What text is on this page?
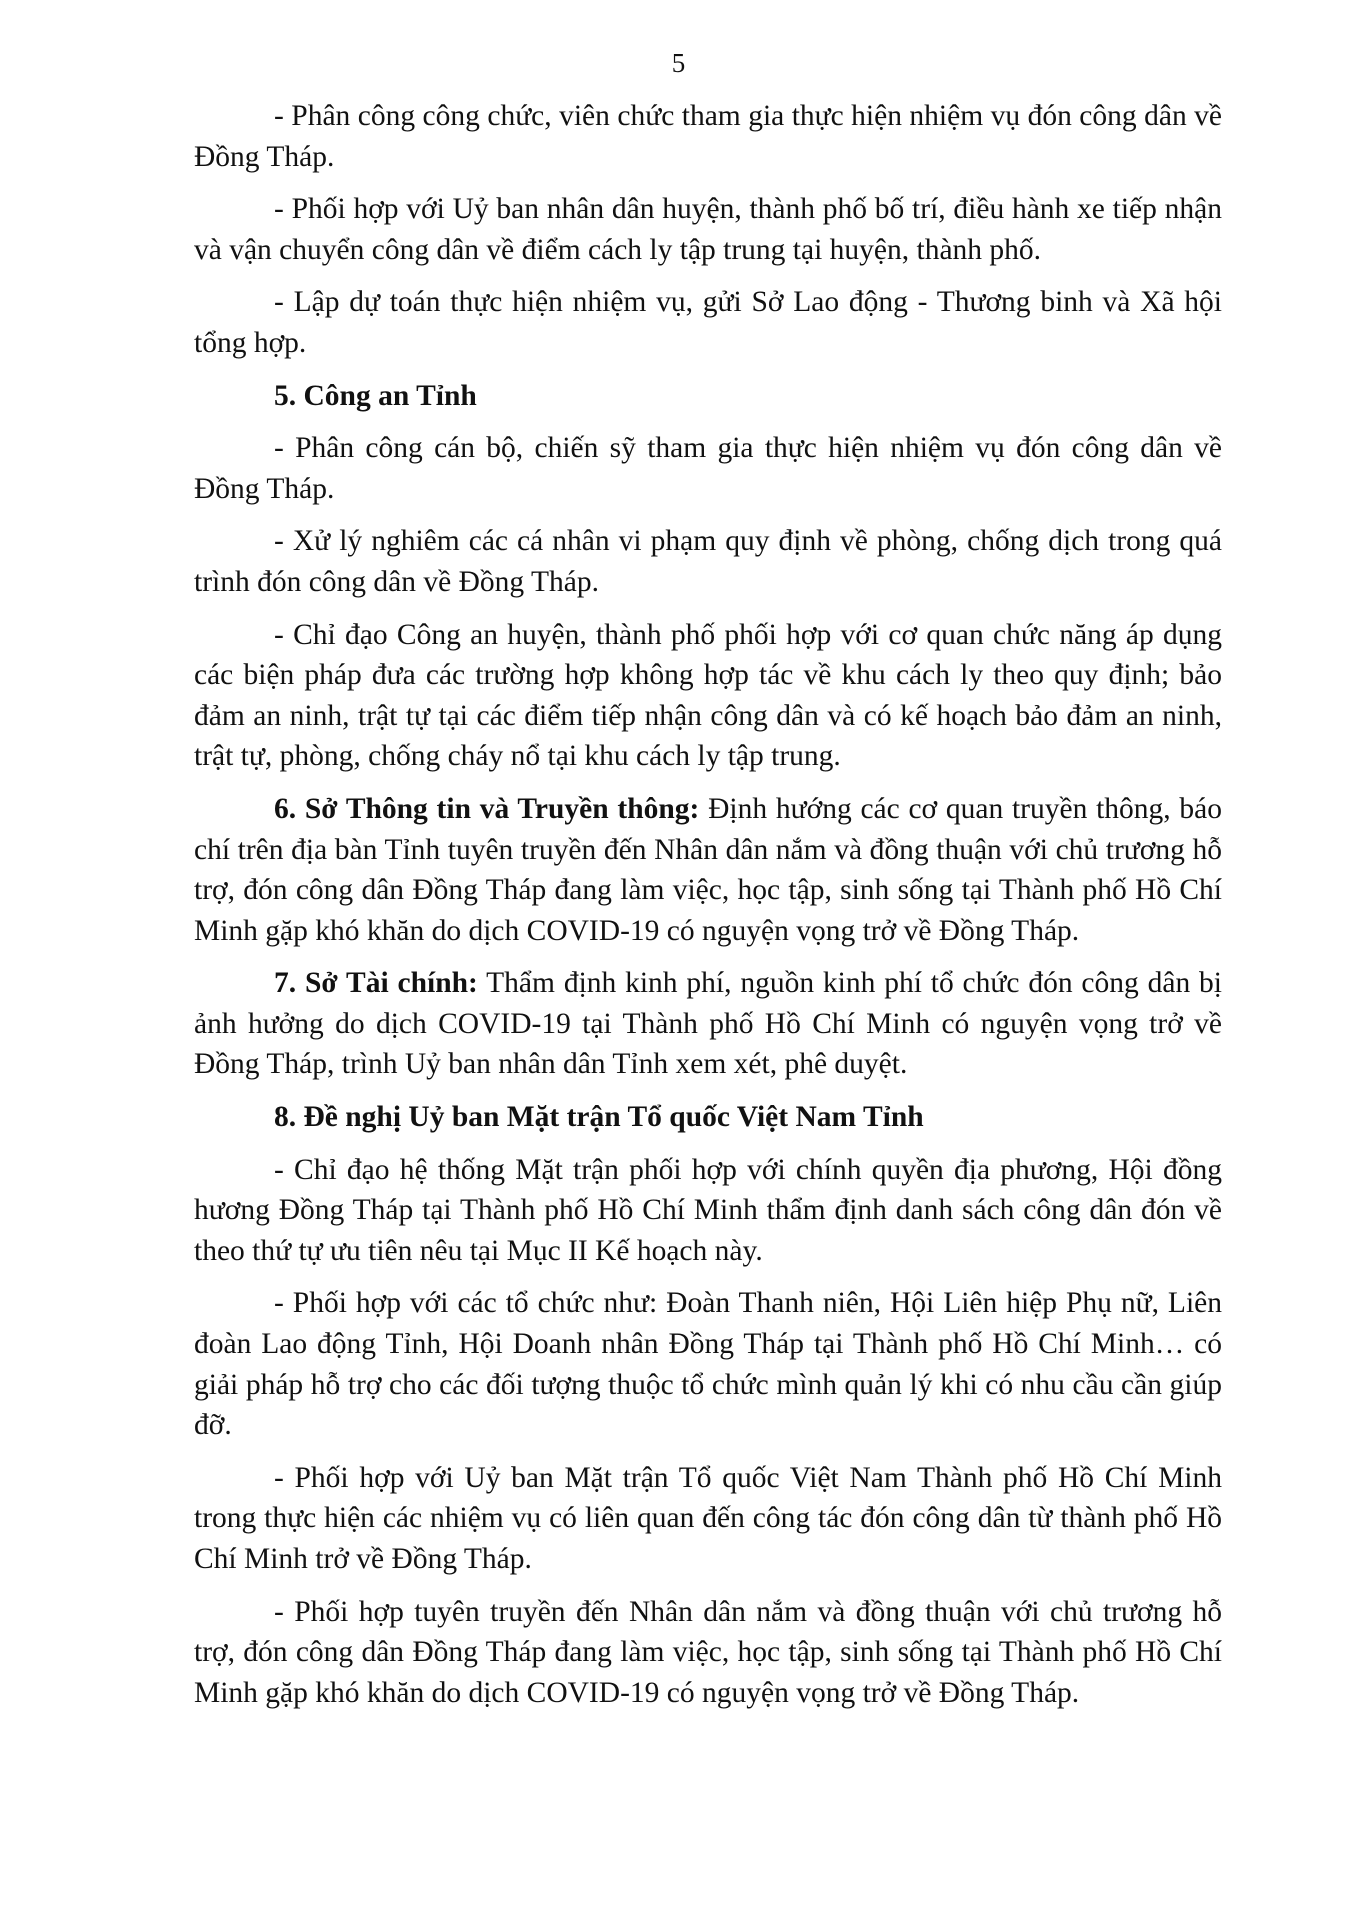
5

- Phân công công chức, viên chức tham gia thực hiện nhiệm vụ đón công dân về Đồng Tháp.

- Phối hợp với Uỷ ban nhân dân huyện, thành phố bố trí, điều hành xe tiếp nhận và vận chuyển công dân về điểm cách ly tập trung tại huyện, thành phố.

- Lập dự toán thực hiện nhiệm vụ, gửi Sở Lao động - Thương binh và Xã hội tổng hợp.

5. Công an Tỉnh

- Phân công cán bộ, chiến sỹ tham gia thực hiện nhiệm vụ đón công dân về Đồng Tháp.

- Xử lý nghiêm các cá nhân vi phạm quy định về phòng, chống dịch trong quá trình đón công dân về Đồng Tháp.

- Chỉ đạo Công an huyện, thành phố phối hợp với cơ quan chức năng áp dụng các biện pháp đưa các trường hợp không hợp tác về khu cách ly theo quy định; bảo đảm an ninh, trật tự tại các điểm tiếp nhận công dân và có kế hoạch bảo đảm an ninh, trật tự, phòng, chống cháy nổ tại khu cách ly tập trung.

6. Sở Thông tin và Truyền thông: Định hướng các cơ quan truyền thông, báo chí trên địa bàn Tỉnh tuyên truyền đến Nhân dân nắm và đồng thuận với chủ trương hỗ trợ, đón công dân Đồng Tháp đang làm việc, học tập, sinh sống tại Thành phố Hồ Chí Minh gặp khó khăn do dịch COVID-19 có nguyện vọng trở về Đồng Tháp.

7. Sở Tài chính: Thẩm định kinh phí, nguồn kinh phí tổ chức đón công dân bị ảnh hưởng do dịch COVID-19 tại Thành phố Hồ Chí Minh có nguyện vọng trở về Đồng Tháp, trình Uỷ ban nhân dân Tỉnh xem xét, phê duyệt.

8. Đề nghị Uỷ ban Mặt trận Tổ quốc Việt Nam Tỉnh

- Chỉ đạo hệ thống Mặt trận phối hợp với chính quyền địa phương, Hội đồng hương Đồng Tháp tại Thành phố Hồ Chí Minh thẩm định danh sách công dân đón về theo thứ tự ưu tiên nêu tại Mục II Kế hoạch này.

- Phối hợp với các tổ chức như: Đoàn Thanh niên, Hội Liên hiệp Phụ nữ, Liên đoàn Lao động Tỉnh, Hội Doanh nhân Đồng Tháp tại Thành phố Hồ Chí Minh… có giải pháp hỗ trợ cho các đối tượng thuộc tổ chức mình quản lý khi có nhu cầu cần giúp đỡ.

- Phối hợp với Uỷ ban Mặt trận Tổ quốc Việt Nam Thành phố Hồ Chí Minh trong thực hiện các nhiệm vụ có liên quan đến công tác đón công dân từ thành phố Hồ Chí Minh trở về Đồng Tháp.

- Phối hợp tuyên truyền đến Nhân dân nắm và đồng thuận với chủ trương hỗ trợ, đón công dân Đồng Tháp đang làm việc, học tập, sinh sống tại Thành phố Hồ Chí Minh gặp khó khăn do dịch COVID-19 có nguyện vọng trở về Đồng Tháp.
